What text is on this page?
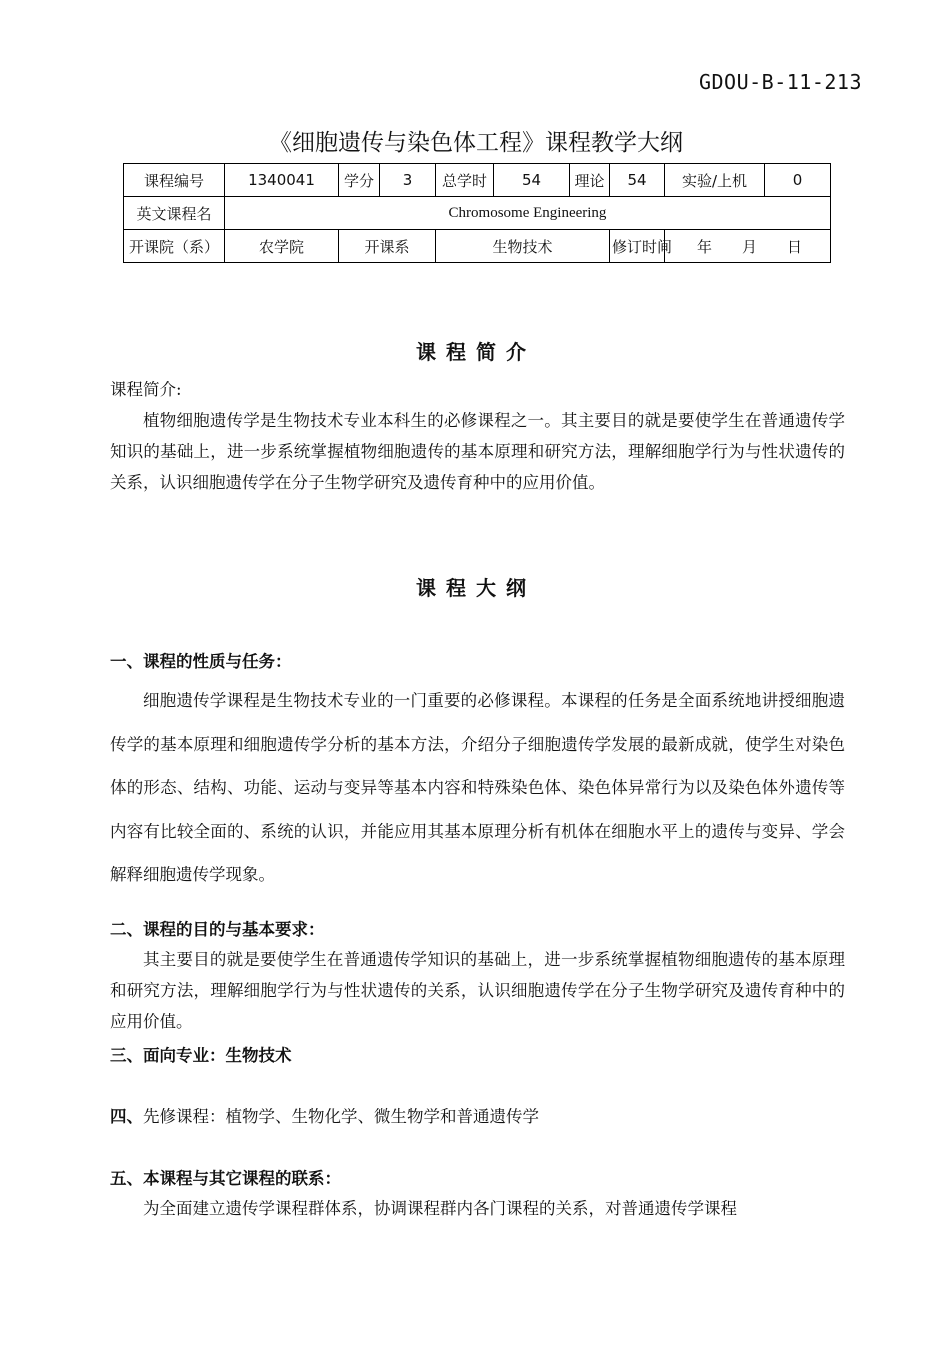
GDOU-B-11-213
《细胞遗传与染色体工程》课程教学大纲
课程编号	1340041	学分	3	总学时	54	理论	54	实验/上机	0
英文课程名	Chromosome Engineering								
开课院（系）	农学院	开课系		生物技术			修订时间	年 月 日	
课程简介
课程简介:

植物细胞遗传学是生物技术专业本科生的必修课程之一。其主要目的就是要使学生在普通遗传学知识的基础上，进一步系统掌握植物细胞遗传的基本原理和研究方法，理解细胞学行为与性状遗传的关系，认识细胞遗传学在分子生物学研究及遗传育种中的应用价值。

课程大纲
一、课程的性质与任务：

细胞遗传学课程是生物技术专业的一门重要的必修课程。本课程的任务是全面系统地讲授细胞遗传学的基本原理和细胞遗传学分析的基本方法，介绍分子细胞遗传学发展的最新成就，使学生对染色体的形态、结构、功能、运动与变异等基本内容和特殊染色体、染色体异常行为以及染色体外遗传等内容有比较全面的、系统的认识，并能应用其基本原理分析有机体在细胞水平上的遗传与变异、学会解释细胞遗传学现象。

二、课程的目的与基本要求：

其主要目的就是要使学生在普通遗传学知识的基础上，进一步系统掌握植物细胞遗传的基本原理和研究方法，理解细胞学行为与性状遗传的关系，认识细胞遗传学在分子生物学研究及遗传育种中的应用价值。

三、面向专业：生物技术
四、先修课程：植物学、生物化学、微生物学和普通遗传学
五、本课程与其它课程的联系：

为全面建立遗传学课程群体系，协调课程群内各门课程的关系，对普通遗传学课程
